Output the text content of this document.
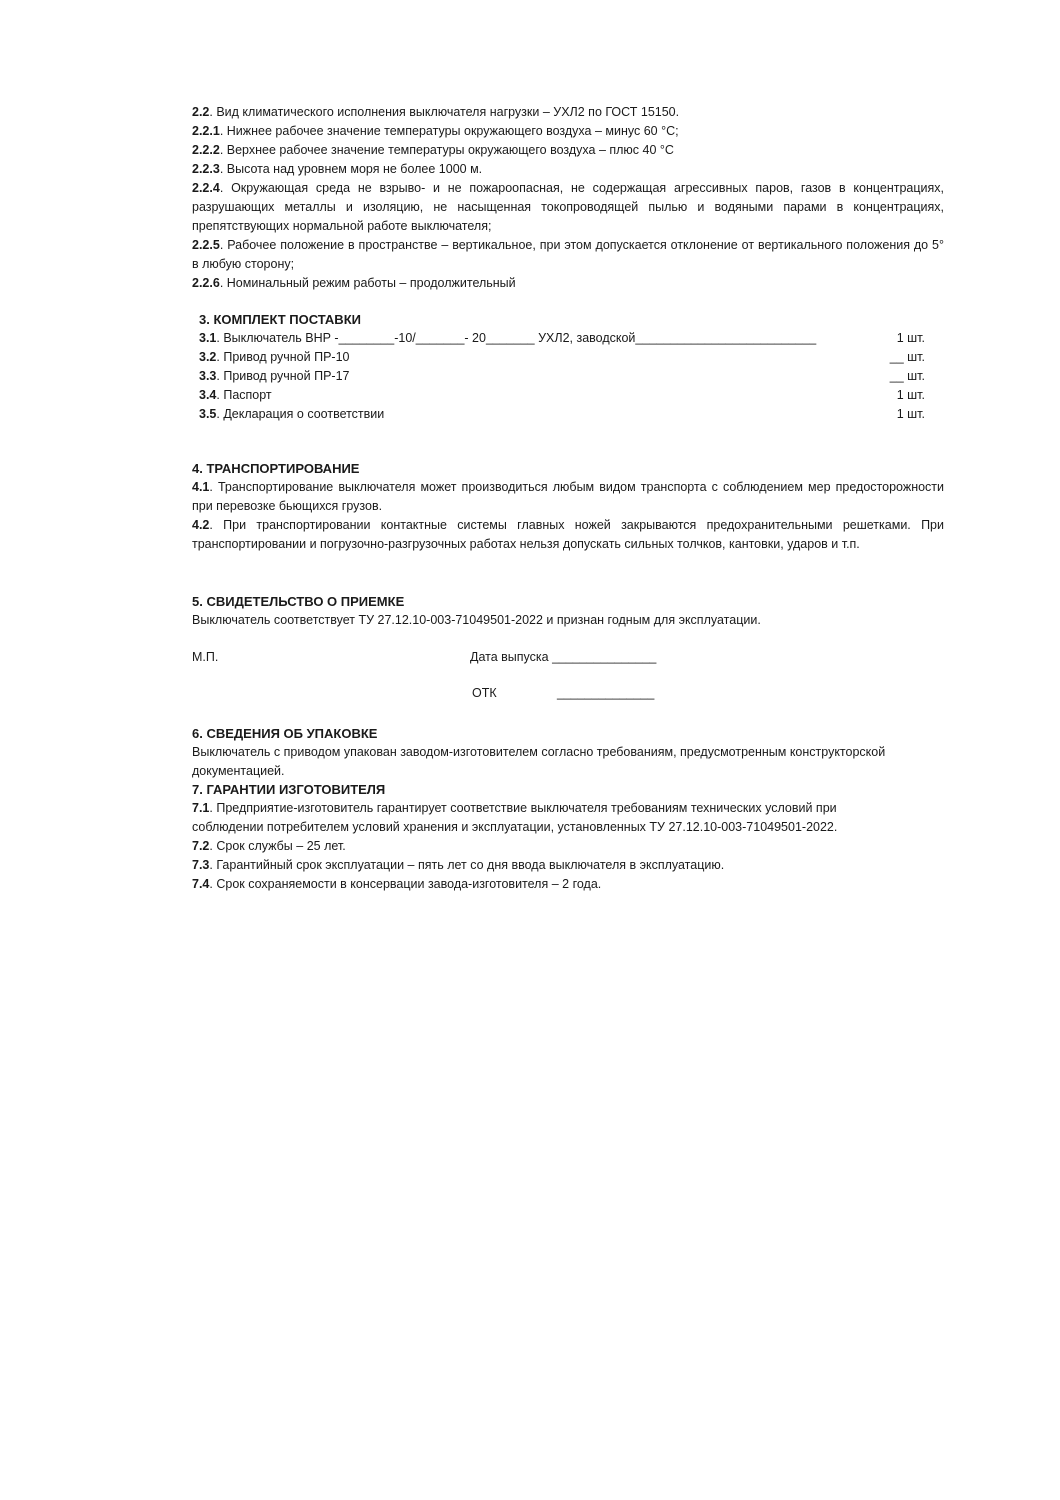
2.2. Вид климатического исполнения выключателя нагрузки – УХЛ2 по ГОСТ 15150.

2.2.1. Нижнее рабочее значение температуры окружающего воздуха – минус 60 °С;

2.2.2. Верхнее рабочее значение температуры окружающего воздуха – плюс 40 °С

2.2.3. Высота над уровнем моря не более 1000 м.

2.2.4. Окружающая среда не взрыво- и не пожароопасная, не содержащая агрессивных паров, газов в концентрациях, разрушающих металлы и изоляцию, не насыщенная токопроводящей пылью и водяными парами в концентрациях, препятствующих нормальной работе выключателя;

2.2.5. Рабочее положение в пространстве – вертикальное, при этом допускается отклонение от вертикального положения до 5° в любую сторону;

2.2.6. Номинальный режим работы – продолжительный

3. КОМПЛЕКТ ПОСТАВКИ

3.1. Выключатель ВНР -________-10/_______- 20_______ УХЛ2, заводской__________________________	1 шт.
3.2. Привод ручной ПР-10	__ шт.
3.3. Привод ручной ПР-17	__ шт.
3.4. Паспорт	1 шт.
3.5. Декларация о соответствии	1 шт.

4. ТРАНСПОРТИРОВАНИЕ

4.1. Транспортирование выключателя может производиться любым видом транспорта с соблюдением мер предосторожности при перевозке бьющихся грузов.

4.2. При транспортировании контактные системы главных ножей закрываются предохранительными решетками. При транспортировании и погрузочно-разгрузочных работах нельзя допускать сильных толчков, кантовки, ударов и т.п.

5. СВИДЕТЕЛЬСТВО О ПРИЕМКЕ

Выключатель соответствует ТУ 27.12.10-003-71049501-2022 и признан годным для эксплуатации.

М.П.	Дата выпуска _______________
ОТК	______________

6. СВЕДЕНИЯ ОБ УПАКОВКЕ

Выключатель с приводом упакован заводом-изготовителем согласно требованиям, предусмотренным конструкторской документацией.

7. ГАРАНТИИ ИЗГОТОВИТЕЛЯ

7.1. Предприятие-изготовитель гарантирует соответствие выключателя требованиям технических условий при соблюдении потребителем условий хранения и эксплуатации, установленных ТУ 27.12.10-003-71049501-2022.

7.2. Срок службы – 25 лет.

7.3. Гарантийный срок эксплуатации – пять лет со дня ввода выключателя в эксплуатацию.

7.4. Срок сохраняемости в консервации завода-изготовителя – 2 года.
